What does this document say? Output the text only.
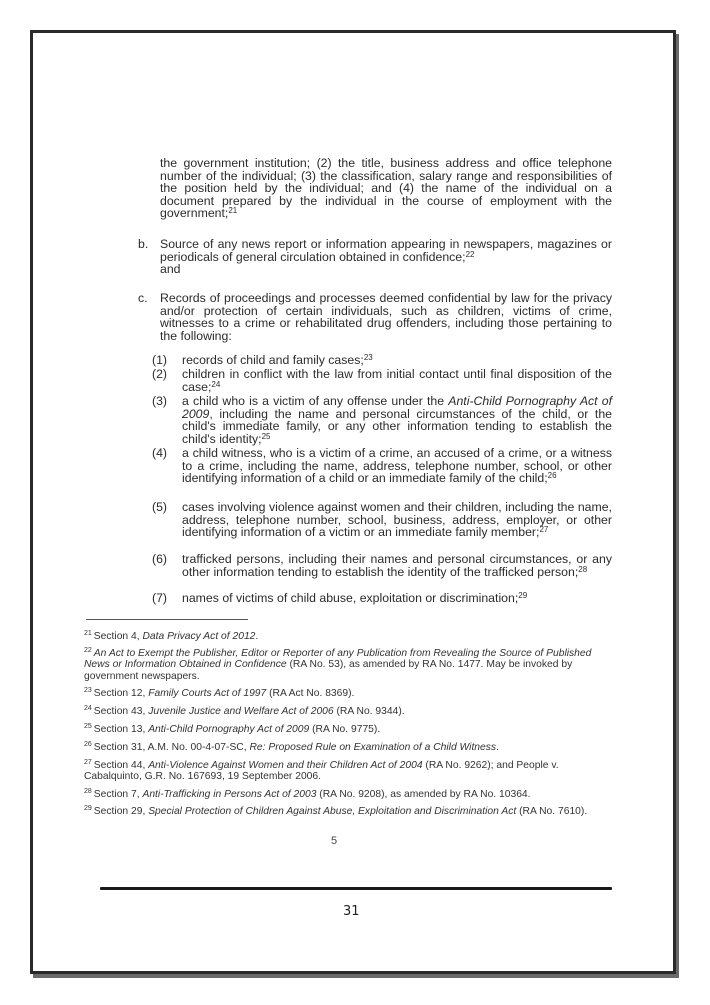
the government institution; (2) the title, business address and office telephone number of the individual; (3) the classification, salary range and responsibilities of the position held by the individual; and (4) the name of the individual on a document prepared by the individual in the course of employment with the government;$^{21}$
b. Source of any news report or information appearing in newspapers, magazines or periodicals of general circulation obtained in confidence;$^{22}$
and
c. Records of proceedings and processes deemed confidential by law for the privacy and/or protection of certain individuals, such as children, victims of crime, witnesses to a crime or rehabilitated drug offenders, including those pertaining to the following:
(1)	records of child and family cases;$^{23}$
(2)	children in conflict with the law from initial contact until final disposition of the case;$^{24}$
(3)	a child who is a victim of any offense under the Anti-Child Pornography Act of 2009, including the name and personal circumstances of the child, or the child's immediate family, or any other information tending to establish the child's identity;$^{25}$
(4)	a child witness, who is a victim of a crime, an accused of a crime, or a witness to a crime, including the name, address, telephone number, school, or other identifying information of a child or an immediate family of the child;$^{26}$
(5)	cases involving violence against women and their children, including the name, address, telephone number, school, business, address, employer, or other identifying information of a victim or an immediate family member;$^{27}$
(6)	trafficked persons, including their names and personal circumstances, or any other information tending to establish the identity of the trafficked person;$^{28}$
(7)	names of victims of child abuse, exploitation or discrimination;$^{29}$
$^{21}$ Section 4, Data Privacy Act of 2012.
$^{22}$ An Act to Exempt the Publisher, Editor or Reporter of any Publication from Revealing the Source of Published News or Information Obtained in Confidence (RA No. 53), as amended by RA No. 1477. May be invoked by government newspapers.
$^{23}$ Section 12, Family Courts Act of 1997 (RA Act No. 8369).
$^{24}$ Section 43, Juvenile Justice and Welfare Act of 2006 (RA No. 9344).
$^{25}$ Section 13, Anti-Child Pornography Act of 2009 (RA No. 9775).
$^{26}$ Section 31, A.M. No. 00-4-07-SC, Re: Proposed Rule on Examination of a Child Witness.
$^{27}$ Section 44, Anti-Violence Against Women and their Children Act of 2004 (RA No. 9262); and People v. Cabalquinto, G.R. No. 167693, 19 September 2006.
$^{28}$ Section 7, Anti-Trafficking in Persons Act of 2003 (RA No. 9208), as amended by RA No. 10364.
$^{29}$ Section 29, Special Protection of Children Against Abuse, Exploitation and Discrimination Act (RA No. 7610).
5
31
